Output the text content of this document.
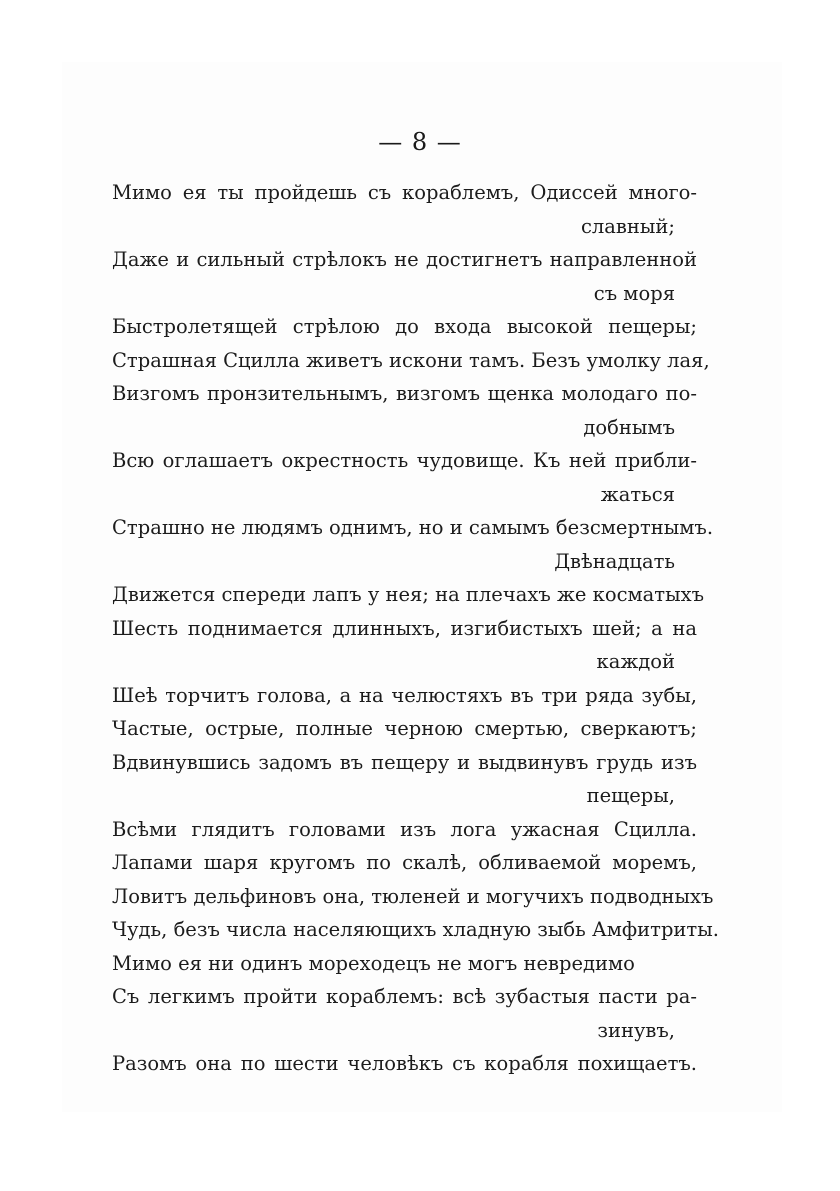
— 8 —
Мимо ея ты пройдешь съ кораблемъ, Одиссей много-
славный;
Даже и сильный стрѣлокъ не достигнетъ направленной
съ моря
Быстролетящей стрѣлою до входа высокой пещеры;
Страшная Сцилла живетъ искони тамъ. Безъ умолку лая,
Визгомъ пронзительнымъ, визгомъ щенка молодаго по-
добнымъ
Всю оглашаетъ окрестность чудовище. Къ ней прибли-
жаться
Страшно не людямъ однимъ, но и самымъ безсмертнымъ.
Двѣнадцать
Движется спереди лапъ у нея; на плечахъ же косматыхъ
Шесть поднимается длинныхъ, изгибистыхъ шей; а на
каждой
Шеѣ торчитъ голова, а на челюстяхъ въ три ряда зубы,
Частые, острые, полные черною смертью, сверкаютъ;
Вдвинувшись задомъ въ пещеру и выдвинувъ грудь изъ
пещеры,
Всѣми глядитъ головами изъ лога ужасная Сцилла.
Лапами шаря кругомъ по скалѣ, обливаемой моремъ,
Ловитъ дельфиновъ она, тюленей и могучихъ подводныхъ
Чудь, безъ числа населяющихъ хладную зыбь Амфитриты.
Мимо ея ни одинъ мореходецъ не могъ невредимо
Съ легкимъ пройти кораблемъ: всѣ зубастыя пасти ра-
зинувъ,
Разомъ она по шести человѣкъ съ корабля похищаетъ.
